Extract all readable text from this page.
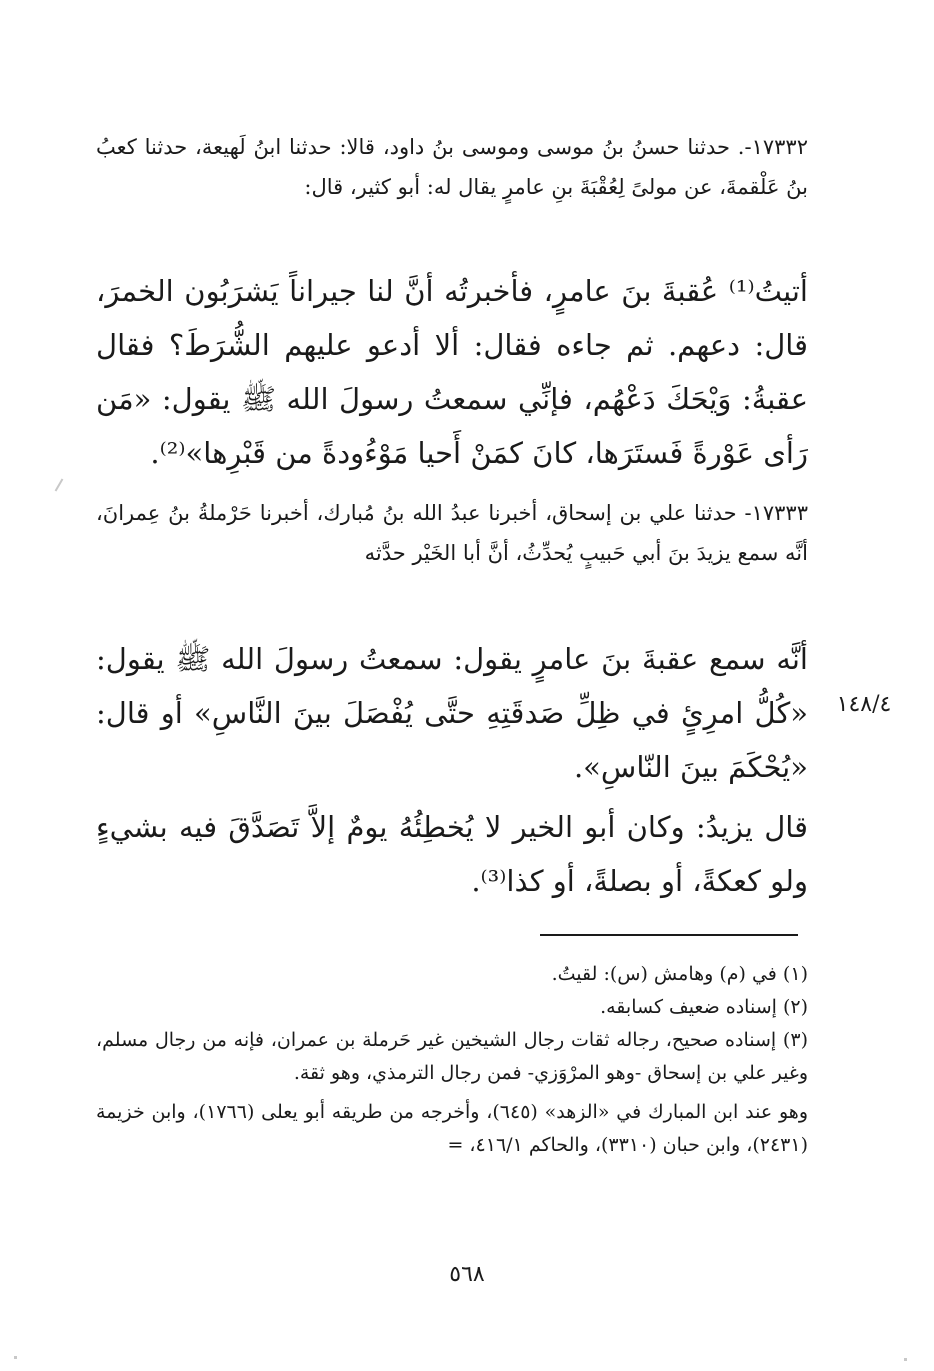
١٧٣٣٢-. حدثنا حسنُ بنُ موسى وموسى بنُ داود، قالا: حدثنا ابنُ لَهيعة، حدثنا كعبُ بنُ عَلْقمةَ، عن مولىً لِعُقْبَةَ بنِ عامرٍ يقال له: أبو كثير، قال:

أتيتُ⁽¹⁾ عُقبةَ بنَ عامرٍ، فأخبرتُه أنَّ لنا جيراناً يَشرَبُون الخمرَ، قال: دعهم. ثم جاءه فقال: ألا أدعو عليهم الشُّرَطَ؟ فقال عقبةُ: وَيْحَكَ دَعْهُم، فإنِّي سمعتُ رسولَ الله ﷺ يقول: «مَن رَأى عَوْرةً فَستَرَها، كانَ كمَنْ أَحيا مَوْءُودةً من قَبْرِها»⁽²⁾.

١٧٣٣٣- حدثنا علي بن إسحاق، أخبرنا عبدُ الله بنُ مُبارك، أخبرنا حَرْملةُ بنُ عِمرانَ، أنَّه سمع يزيدَ بنَ أبي حَبيبٍ يُحدِّثُ، أنَّ أبا الخَيْر حدَّثه

أنَّه سمع عقبةَ بنَ عامرٍ يقول: سمعتُ رسولَ الله ﷺ يقول: «كُلُّ امرِئٍ في ظِلِّ صَدقَتِهِ حتَّى يُفْصَلَ بينَ النَّاسِ» أو قال: «يُحْكَمَ بينَ النّاسِ».

١٤٨/٤

قال يزيدُ: وكان أبو الخير لا يُخطِئُهُ يومٌ إلاَّ تَصَدَّقَ فيه بشيءٍ ولو كعكةً، أو بصلةً، أو كذا⁽³⁾.

(١) في (م) وهامش (س): لقيتُ.

(٢) إسناده ضعيف كسابقه.

(٣) إسناده صحيح، رجاله ثقات رجال الشيخين غير حَرملة بن عمران، فإنه من رجال مسلم، وغير علي بن إسحاق -وهو المرْوَزي- فمن رجال الترمذي، وهو ثقة.

وهو عند ابن المبارك في «الزهد» (٦٤٥)، وأخرجه من طريقه أبو يعلى (١٧٦٦)، وابن خزيمة (٢٤٣١)، وابن حبان (٣٣١٠)، والحاكم ٤١٦/١، =

٥٦٨
